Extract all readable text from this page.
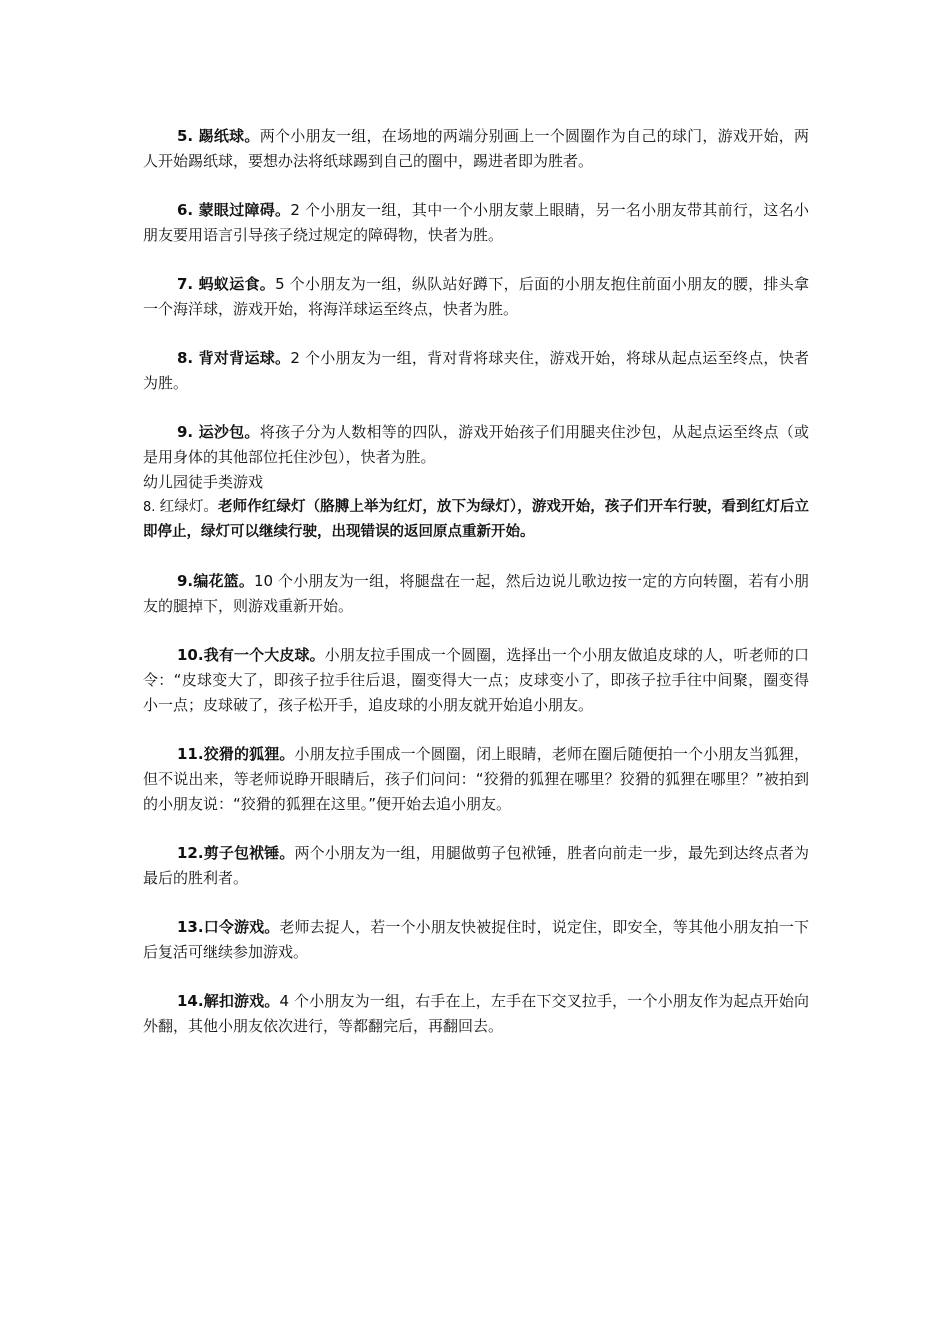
5. 踢纸球。两个小朋友一组，在场地的两端分别画上一个圆圈作为自己的球门，游戏开始，两人开始踢纸球，要想办法将纸球踢到自己的圈中，踢进者即为胜者。

6. 蒙眼过障碍。2 个小朋友一组，其中一个小朋友蒙上眼睛，另一名小朋友带其前行，这名小朋友要用语言引导孩子绕过规定的障碍物，快者为胜。

7. 蚂蚁运食。5 个小朋友为一组，纵队站好蹲下，后面的小朋友抱住前面小朋友的腰，排头拿一个海洋球，游戏开始，将海洋球运至终点，快者为胜。

8. 背对背运球。2 个小朋友为一组，背对背将球夹住，游戏开始，将球从起点运至终点，快者为胜。

9. 运沙包。将孩子分为人数相等的四队，游戏开始孩子们用腿夹住沙包，从起点运至终点（或是用身体的其他部位托住沙包），快者为胜。

幼儿园徒手类游戏

8. 红绿灯。老师作红绿灯（胳膊上举为红灯，放下为绿灯），游戏开始，孩子们开车行驶，看到红灯后立即停止，绿灯可以继续行驶，出现错误的返回原点重新开始。

9.编花篮。10 个小朋友为一组，将腿盘在一起，然后边说儿歌边按一定的方向转圈，若有小朋友的腿掉下，则游戏重新开始。

10.我有一个大皮球。小朋友拉手围成一个圆圈，选择出一个小朋友做追皮球的人，听老师的口令：“皮球变大了，即孩子拉手往后退，圈变得大一点；皮球变小了，即孩子拉手往中间聚，圈变得小一点；皮球破了，孩子松开手，追皮球的小朋友就开始追小朋友。

11.狡猾的狐狸。小朋友拉手围成一个圆圈，闭上眼睛，老师在圈后随便拍一个小朋友当狐狸，但不说出来，等老师说睁开眼睛后，孩子们问问：“狡猾的狐狸在哪里？狡猾的狐狸在哪里？”被拍到的小朋友说：“狡猾的狐狸在这里。”便开始去追小朋友。

12.剪子包袱锤。两个小朋友为一组，用腿做剪子包袱锤，胜者向前走一步，最先到达终点者为最后的胜利者。

13.口令游戏。老师去捉人，若一个小朋友快被捉住时，说定住，即安全，等其他小朋友拍一下后复活可继续参加游戏。

14.解扣游戏。4 个小朋友为一组，右手在上，左手在下交叉拉手，一个小朋友作为起点开始向外翻，其他小朋友依次进行，等都翻完后，再翻回去。
